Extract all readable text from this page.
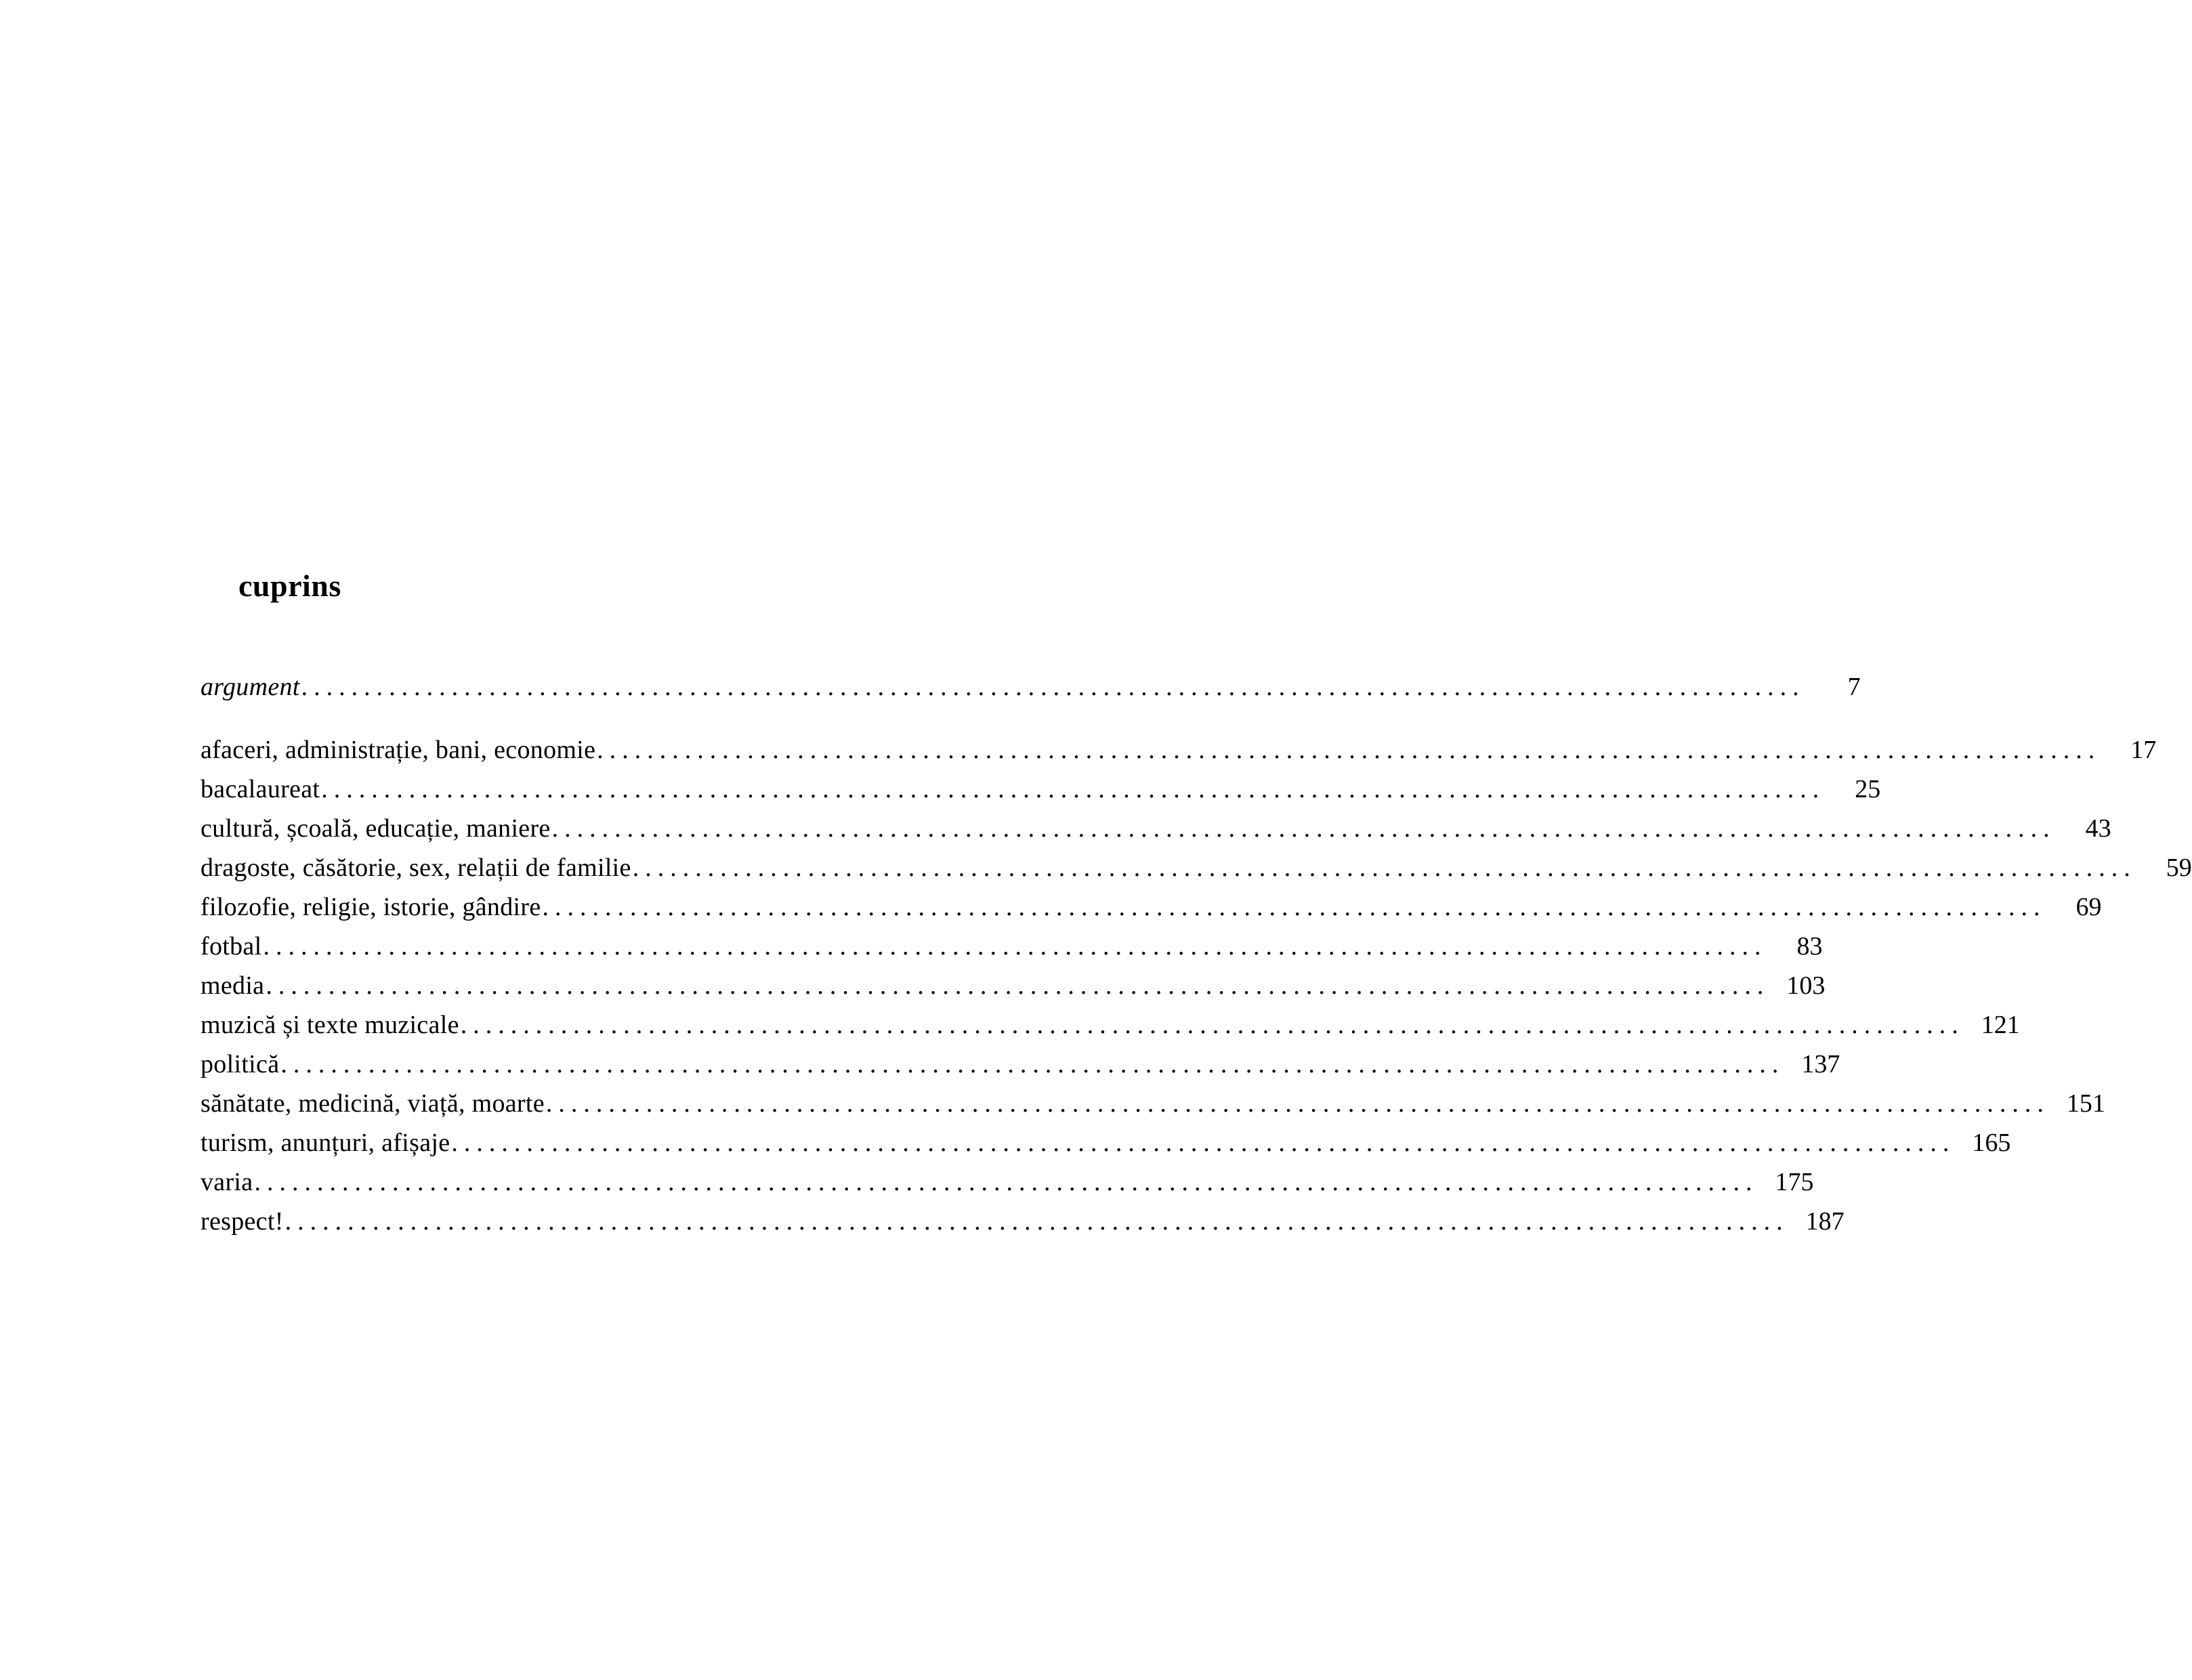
cuprins
argument ........................................................................................................................	7
afaceri, administrație, bani, economie ........................................................................................................................	17
bacalaureat ........................................................................................................................	25
cultură, școală, educație, maniere ........................................................................................................................	43
dragoste, căsătorie, sex, relații de familie ........................................................................................................................	59
filozofie, religie, istorie, gândire ........................................................................................................................	69
fotbal ........................................................................................................................	83
media ........................................................................................................................ 103
muzică și texte muzicale ........................................................................................................................ 121
politică ........................................................................................................................ 137
sănătate, medicină, viață, moarte ........................................................................................................................ 151
turism, anunțuri, afișaje ........................................................................................................................ 165
varia ........................................................................................................................ 175
respect! ........................................................................................................................ 187
